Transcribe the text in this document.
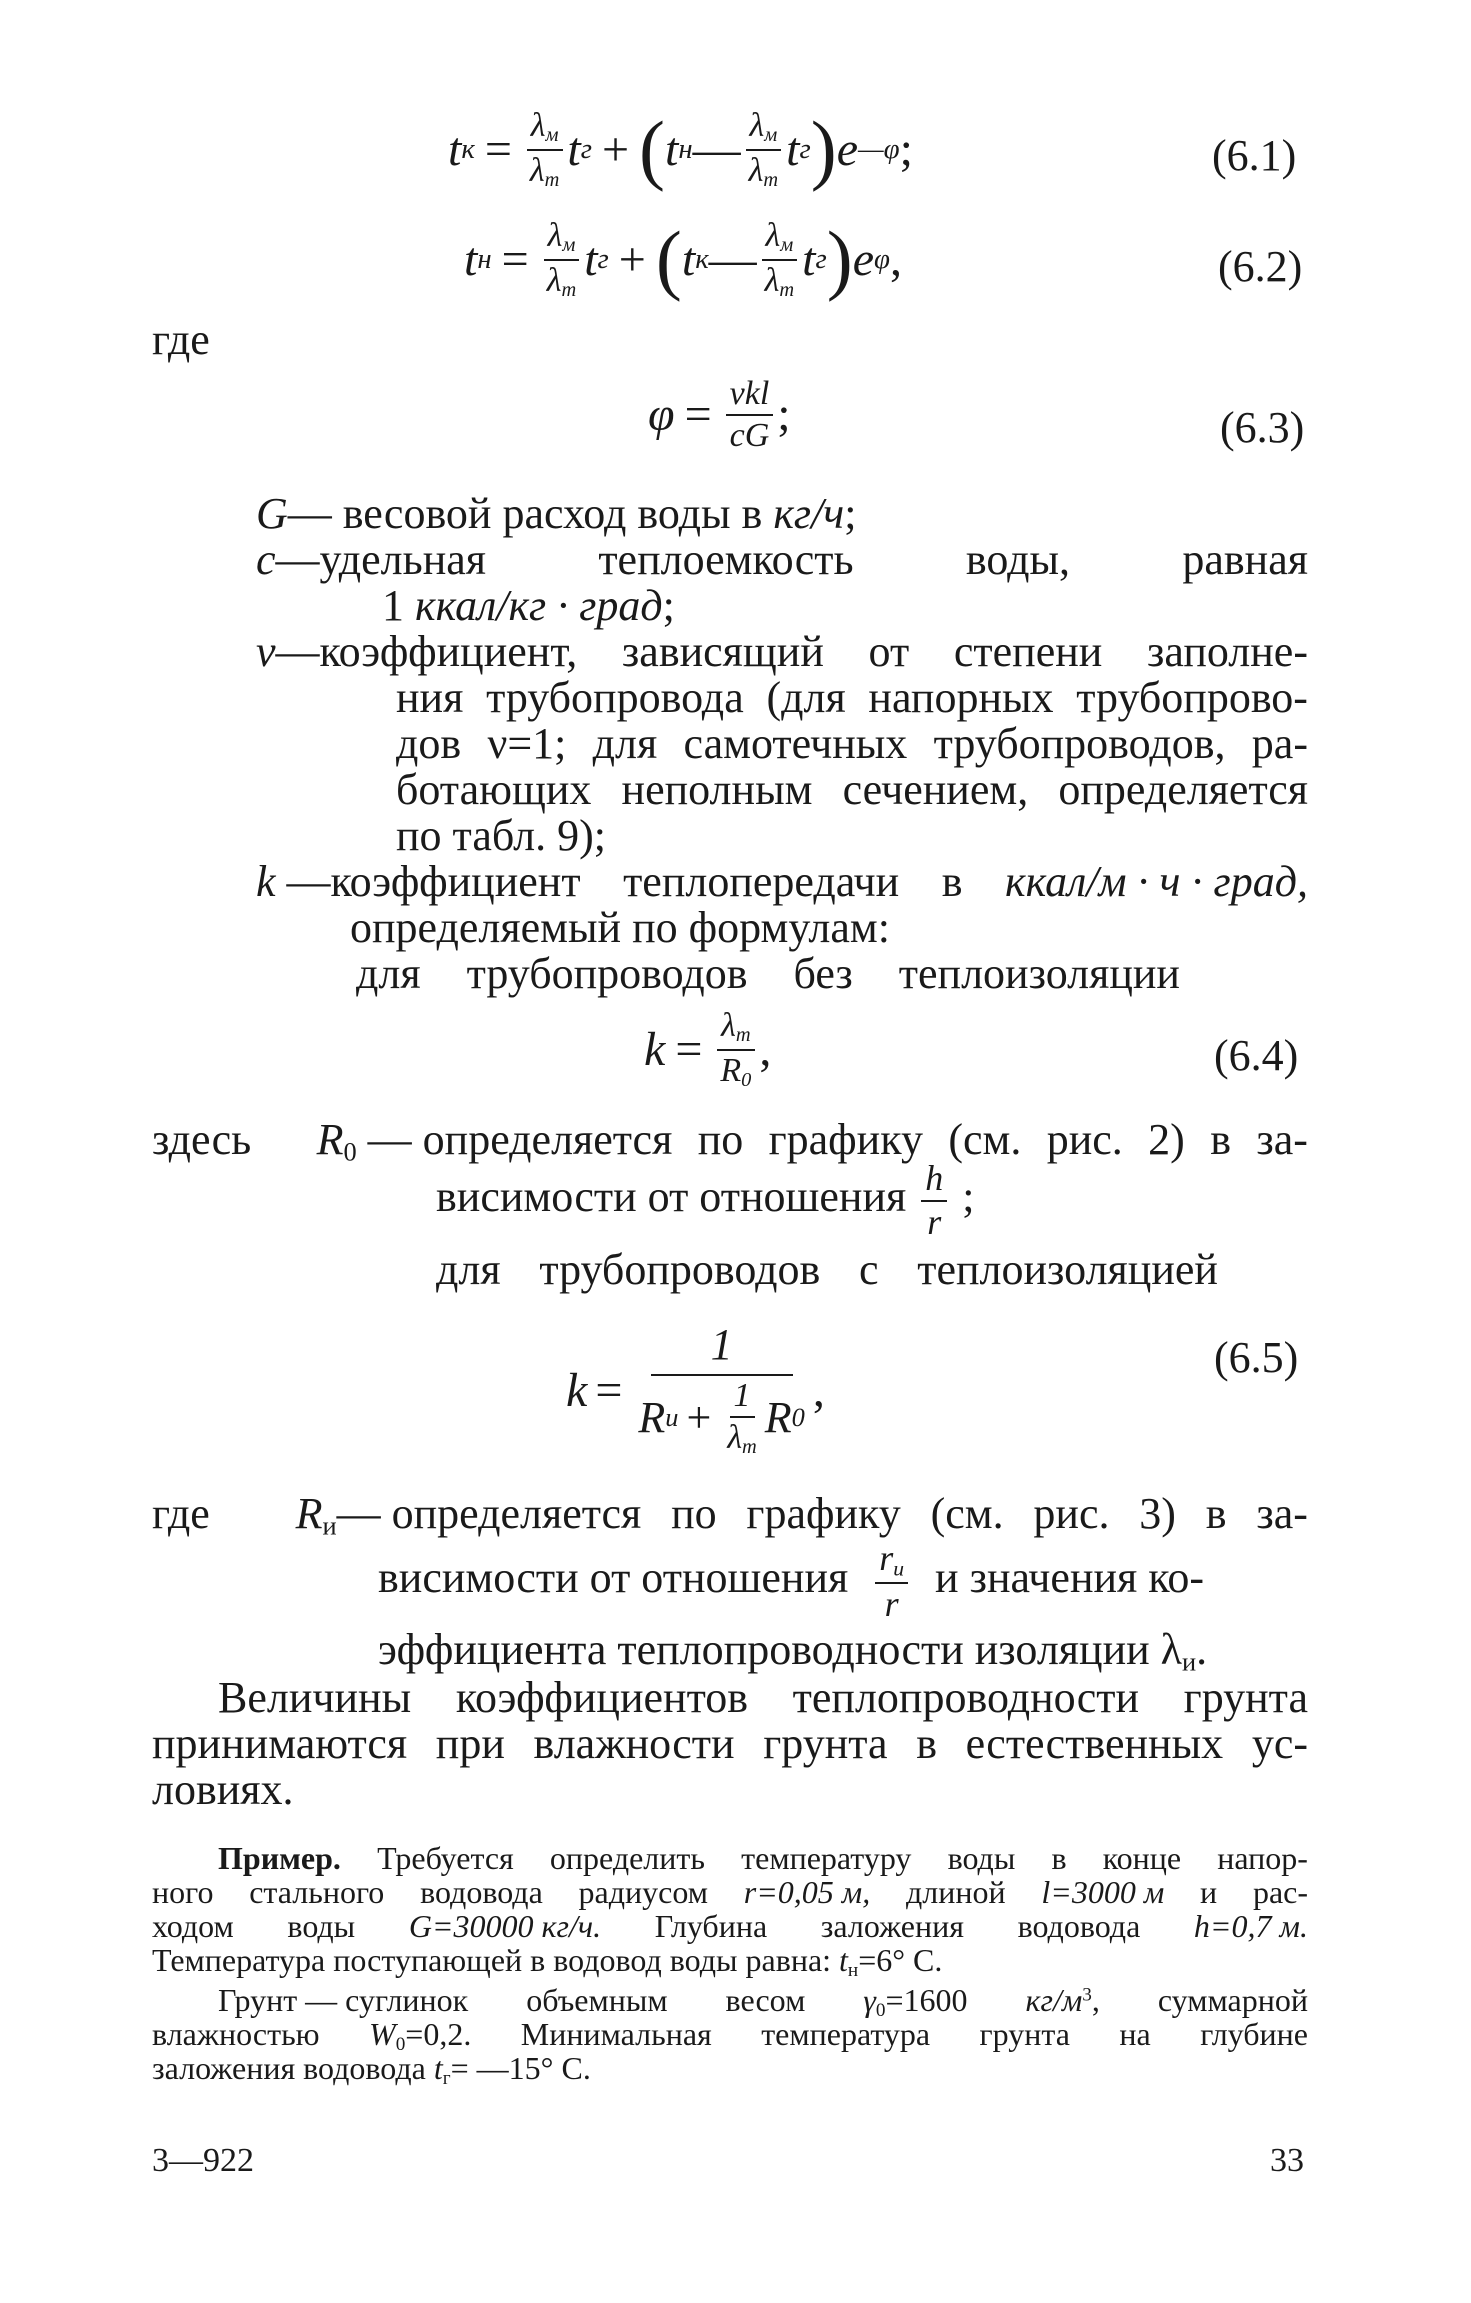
t $к = \frac{\lambda_м}{\lambda_т}$ t г + ( t н — $\frac{\lambda_м}{\lambda_т}$ t г ) e —φ ;	(6.1)
t $н = \frac{\lambda_м}{\lambda_т}$ t г + ( t к — $\frac{\lambda_м}{\lambda_т}$ t г ) e φ ,	(6.2)
где
$\varphi = \frac{\text{νkl}}{cG}$ ;	(6.3)
G— весовой расход воды в кг/ч;
c—удельная	теплоемкость	воды,	равная
1 ккал/кг · град;
ν—коэффициент, зависящий от степени заполне-
ния трубопровода (для напорных трубопрово-
дов ν=1; для самотечных трубопроводов, ра-
ботающих неполным сечением, определяется
по табл. 9);
k —коэффициент теплопередачи в ккал/м · ч · град,
определяемый по формулам:
для трубопроводов без теплоизоляции
$k = \frac{\lambda_т}{R_0}$ ,	(6.4)
здесь $R_0$ — определяется по графику (см. рис. 2) в за-
висимости от отношения $\frac{h}{r}$ ;
для трубопроводов с теплоизоляцией
$k = \frac{1}{R и + \frac{1}{\lambda_т} R 0}$ ,
(6.5)
где $R_и—$ определяется по графику (см. рис. 3) в за-
висимости от отношения $\frac{r_и}{r}$ и значения ко-
эффициента теплопроводности изоляции $\lambda_и$.
Величины коэффициентов теплопроводности грунта
принимаются при влажности грунта в естественных ус-
ловиях.
Пример. Требуется определить температуру воды в конце напор-
ного стального водовода радиусом r=0,05 м, длиной l=3000 м и рас-
ходом воды G=30000 кг/ч. Глубина заложения водовода h=0,7 м.
Температура поступающей в водовод воды равна: $t_н=6^\circ$ С.
Грунт — суглинок объемным весом $\gamma_0=1600$ $кг/м^3$, суммарной
влажностью $W_0=0,2$. Минимальная температура грунта на глубине
заложения водовода $t_г=$ —15° С.
3—922	33
